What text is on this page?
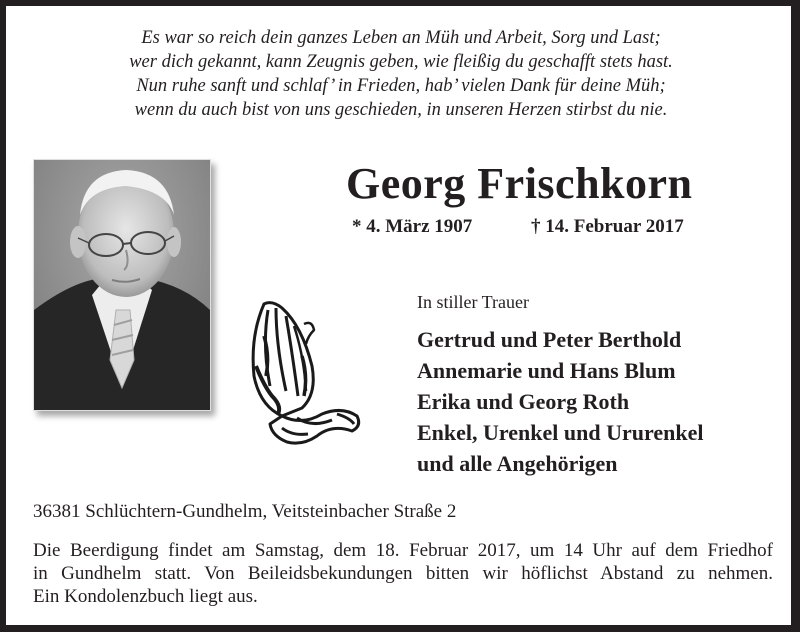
Es war so reich dein ganzes Leben an Müh und Arbeit, Sorg und Last;
wer dich gekannt, kann Zeugnis geben, wie fleißig du geschafft stets hast.
Nun ruhe sanft und schlaf’ in Frieden, hab’ vielen Dank für deine Müh;
wenn du auch bist von uns geschieden, in unseren Herzen stirbst du nie.
Georg Frischkorn
* 4. März 1907	† 14. Februar 2017
In stiller Trauer
Gertrud und Peter Berthold
Annemarie und Hans Blum
Erika und Georg Roth
Enkel, Urenkel und Ururenkel
und alle Angehörigen
36381 Schlüchtern-Gundhelm, Veitsteinbacher Straße 2
Die Beerdigung findet am Samstag, dem 18. Februar 2017, um 14 Uhr auf dem Friedhof
in Gundhelm statt. Von Beileidsbekundungen bitten wir höflichst Abstand zu nehmen.
Ein Kondolenzbuch liegt aus.
